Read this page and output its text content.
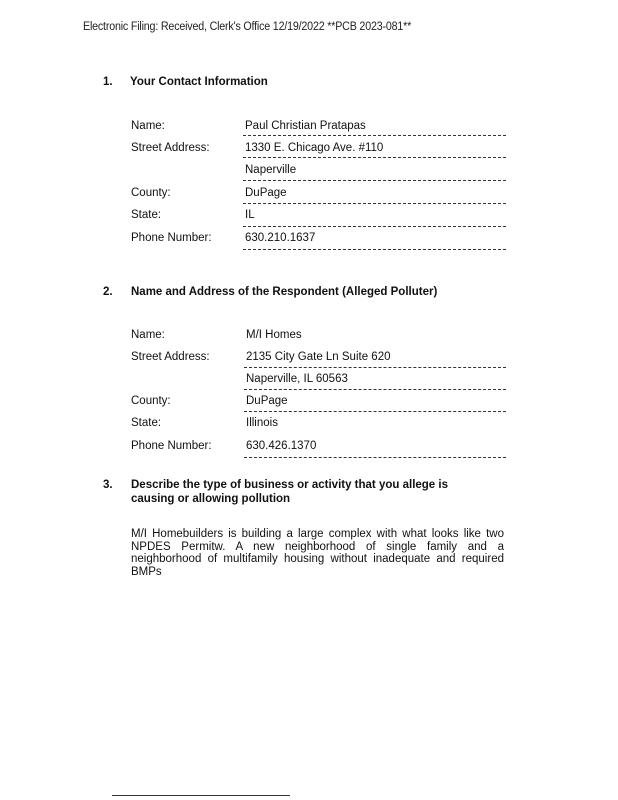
Electronic Filing: Received, Clerk's Office 12/19/2022 **PCB 2023-081**
1. Your Contact Information
Name:	Paul Christian Pratapas
Street Address:	1330 E. Chicago Ave. #110
Naperville
County:	DuPage
State:	IL
Phone Number:	630.210.1637
2. Name and Address of the Respondent (Alleged Polluter)
Name:	M/I Homes
Street Address:	2135 City Gate Ln Suite 620
Naperville, IL 60563
County:	DuPage
State:	Illinois
Phone Number:	630.426.1370
3. Describe the type of business or activity that you allege is causing or allowing pollution
M/I Homebuilders is building a large complex with what looks like two NPDES Permitw. A new neighborhood of single family and a neighborhood of multifamily housing without inadequate and required BMPs
